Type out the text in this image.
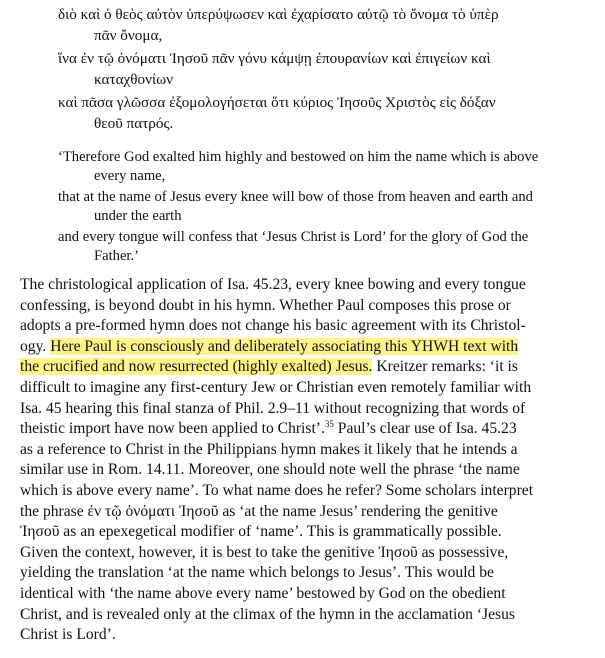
διὸ καὶ ὁ θεὸς αὐτὸν ὑπερύψωσεν καὶ ἐχαρίσατο αὐτῷ τὸ ὄνομα τὸ ὑπὲρ
πᾶν ὄνομα,
ἵνα ἐν τῷ ὀνόματι Ἰησοῦ πᾶν γόνυ κάμψῃ ἐπουρανίων καὶ ἐπιγείων καὶ
καταχθονίων
καὶ πᾶσα γλῶσσα ἐξομολογήσεται ὅτι κύριος Ἰησοῦς Χριστὸς εἰς δόξαν
θεοῦ πατρός.
‘Therefore God exalted him highly and bestowed on him the name which is above
every name,
that at the name of Jesus every knee will bow of those from heaven and earth and
under the earth
and every tongue will confess that ‘Jesus Christ is Lord’ for the glory of God the
Father.’
The christological application of Isa. 45.23, every knee bowing and every tongue
confessing, is beyond doubt in his hymn. Whether Paul composes this prose or
adopts a pre-formed hymn does not change his basic agreement with its Christol-
ogy. Here Paul is consciously and deliberately associating this YHWH text with
the crucified and now resurrected (highly exalted) Jesus. Kreitzer remarks: ‘it is
difficult to imagine any first-century Jew or Christian even remotely familiar with
Isa. 45 hearing this final stanza of Phil. 2.9–11 without recognizing that words of
theistic import have now been applied to Christ’.$^{35}$ Paul’s clear use of Isa. 45.23
as a reference to Christ in the Philippians hymn makes it likely that he intends a
similar use in Rom. 14.11. Moreover, one should note well the phrase ‘the name
which is above every name’. To what name does he refer? Some scholars interpret
the phrase ἐν τῷ ὀνόματι Ἰησοῦ as ‘at the name Jesus’ rendering the genitive
Ἰησοῦ as an epexegetical modifier of ‘name’. This is grammatically possible.
Given the context, however, it is best to take the genitive Ἰησοῦ as possessive,
yielding the translation ‘at the name which belongs to Jesus’. This would be
identical with ‘the name above every name’ bestowed by God on the obedient
Christ, and is revealed only at the climax of the hymn in the acclamation ‘Jesus
Christ is Lord’.
